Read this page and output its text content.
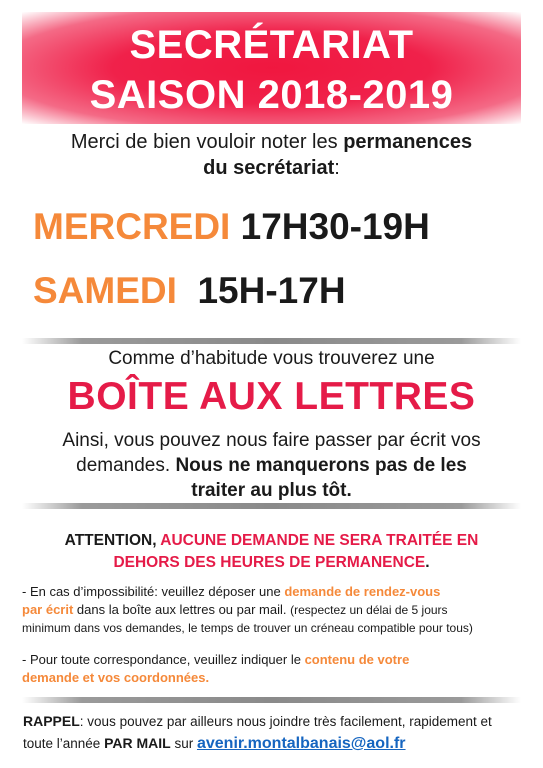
SECRÉTARIAT
SAISON 2018-2019
Merci de bien vouloir noter les permanences
du secrétariat:
MERCREDI 17H30-19H
SAMEDI 15H-17H
Comme d’habitude vous trouverez une
BOÎTE AUX LETTRES
Ainsi, vous pouvez nous faire passer par écrit vos
demandes. Nous ne manquerons pas de les
traiter au plus tôt.
ATTENTION, AUCUNE DEMANDE NE SERA TRAITÉE EN
DEHORS DES HEURES DE PERMANENCE.
- En cas d’impossibilité: veuillez déposer une demande de rendez-vous
par écrit dans la boîte aux lettres ou par mail. (respectez un délai de 5 jours
minimum dans vos demandes, le temps de trouver un créneau compatible pour tous)
- Pour toute correspondance, veuillez indiquer le contenu de votre
demande et vos coordonnées.
RAPPEL: vous pouvez par ailleurs nous joindre très facilement, rapidement et
toute l’année PAR MAIL sur avenir.montalbanais@aol.fr
